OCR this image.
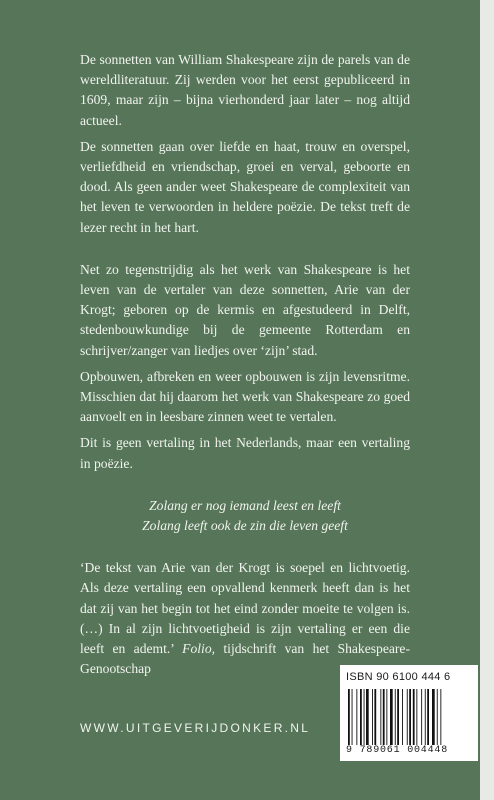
De sonnetten van William Shakespeare zijn de parels van de wereldliteratuur. Zij werden voor het eerst gepubliceerd in 1609, maar zijn – bijna vierhonderd jaar later – nog altijd actueel.

De sonnetten gaan over liefde en haat, trouw en overspel, verliefdheid en vriendschap, groei en verval, geboorte en dood. Als geen ander weet Shakespeare de complexiteit van het leven te verwoorden in heldere poëzie. De tekst treft de lezer recht in het hart.

Net zo tegenstrijdig als het werk van Shakespeare is het leven van de vertaler van deze sonnetten, Arie van der Krogt; geboren op de kermis en afgestudeerd in Delft, stedenbouwkundige bij de gemeente Rotterdam en schrijver/zanger van liedjes over ‘zijn’ stad.

Opbouwen, afbreken en weer opbouwen is zijn levensritme. Misschien dat hij daarom het werk van Shakespeare zo goed aanvoelt en in leesbare zinnen weet te vertalen.

Dit is geen vertaling in het Nederlands, maar een vertaling in poëzie.

Zolang er nog iemand leest en leeft
Zolang leeft ook de zin die leven geeft

‘De tekst van Arie van der Krogt is soepel en lichtvoetig. Als deze vertaling een opvallend kenmerk heeft dan is het dat zij van het begin tot het eind zonder moeite te volgen is. (…) In al zijn lichtvoetigheid is zijn vertaling er een die leeft en ademt.’ Folio, tijdschrift van het Shakespeare-Genootschap

ISBN 90 6100 444 6
9 789061 004448
WWW.UITGEVERIJDONKER.NL
